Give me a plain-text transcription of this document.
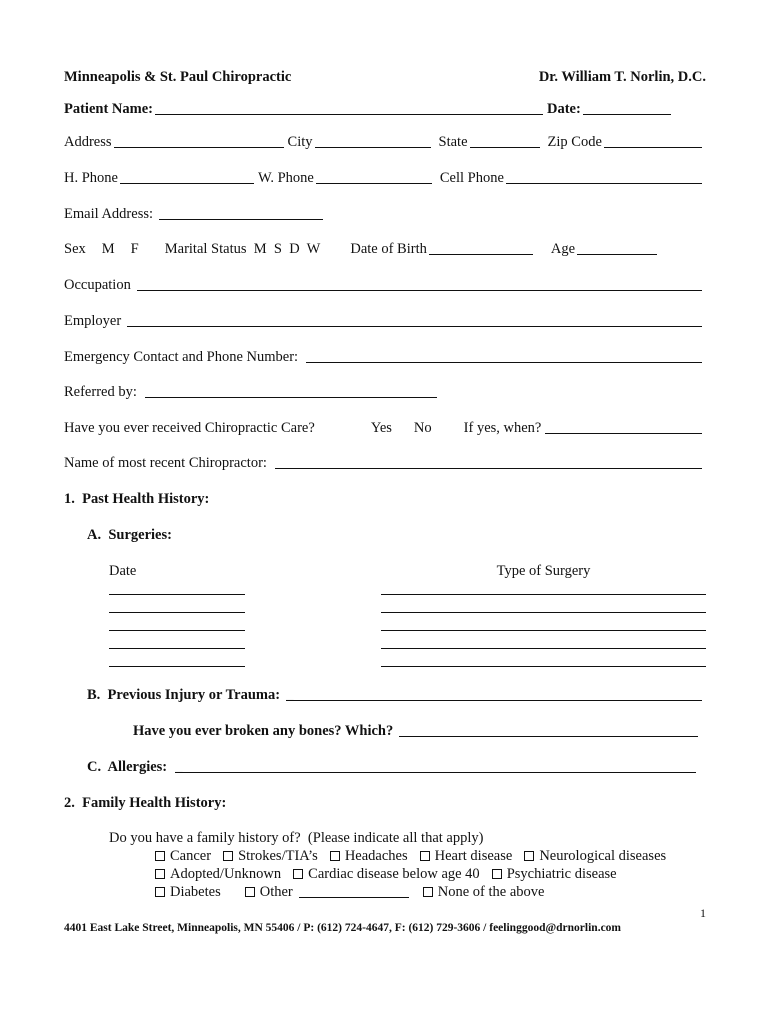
Minneapolis & St. Paul Chiropractic	Dr. William T. Norlin, D.C.
Patient Name:	Date:
Address	City	State	Zip Code
H. Phone	W. Phone	Cell Phone
Email Address:
Sex M F Marital Status  M  S  D  W Date of Birth	Age
Occupation
Employer
Emergency Contact and Phone Number:
Referred by:
Have you ever received Chiropractic Care?	Yes No If yes, when?
Name of most recent Chiropractor:
1.  Past Health History:
A.  Surgeries:
Date	Type of Surgery
B.  Previous Injury or Trauma: _
Have you ever broken any bones? Which?
C.  Allergies: _
2.  Family Health History:
Do you have a family history of?  (Please indicate all that apply)
Cancer Strokes/TIA’s Headaches Heart disease Neurological diseases
Adopted/Unknown Cardiac disease below age 40 Psychiatric disease
Diabetes	Other	None of the above
1
4401 East Lake Street, Minneapolis, MN 55406 / P: (612) 724-4647, F: (612) 729-3606 / feelinggood@drnorlin.com
